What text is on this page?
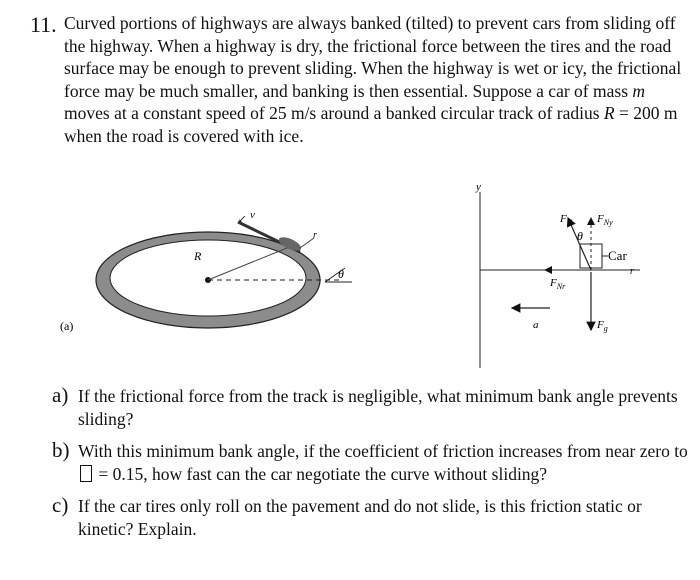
11. Curved portions of highways are always banked (tilted) to prevent cars from sliding off the highway. When a highway is dry, the frictional force between the tires and the road surface may be enough to prevent sliding. When the highway is wet or icy, the frictional force may be much smaller, and banking is then essential. Suppose a car of mass m moves at a constant speed of 25 m/s around a banked circular track of radius R = 200 m when the road is covered with ice.
↙ v
r
R
θ
(a)
y
r
Car
$F_N$ $F_{Ny}$
θ
$F_{Nr}$
a	$F_g$
a) If the frictional force from the track is negligible, what minimum bank angle prevents sliding?
b) With this minimum bank angle, if the coefficient of friction increases from near zero to  = 0.15, how fast can the car negotiate the curve without sliding?
c) If the car tires only roll on the pavement and do not slide, is this friction static or kinetic? Explain.
